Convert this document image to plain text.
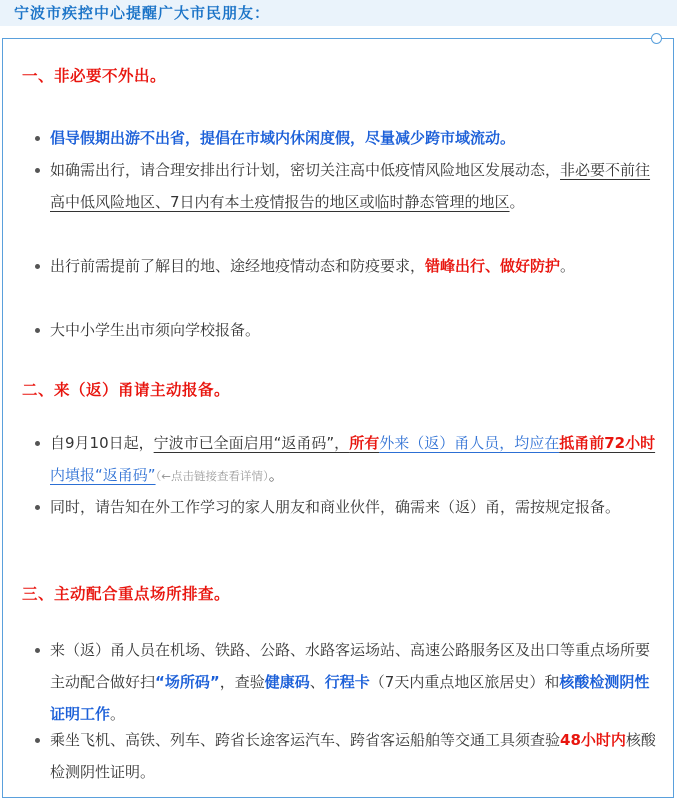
宁波市疾控中心提醒广大市民朋友：
一、非必要不外出。
倡导假期出游不出省，提倡在市域内休闲度假，尽量减少跨市域流动。
如确需出行，请合理安排出行计划，密切关注高中低疫情风险地区发展动态，非必要不前往高中低风险地区、7日内有本土疫情报告的地区或临时静态管理的地区。
出行前需提前了解目的地、途经地疫情动态和防疫要求，错峰出行、做好防护。
大中小学生出市须向学校报备。
二、来（返）甬请主动报备。
自9月10日起，宁波市已全面启用“返甬码”，所有外来（返）甬人员，均应在抵甬前72小时内填报“返甬码”（←点击链接查看详情）。
同时，请告知在外工作学习的家人朋友和商业伙伴，确需来（返）甬，需按规定报备。
三、主动配合重点场所排查。
来（返）甬人员在机场、铁路、公路、水路客运场站、高速公路服务区及出口等重点场所要主动配合做好扫“场所码”，查验健康码、行程卡（7天内重点地区旅居史）和核酸检测阴性证明工作。
乘坐飞机、高铁、列车、跨省长途客运汽车、跨省客运船舶等交通工具须查验48小时内核酸检测阴性证明。
